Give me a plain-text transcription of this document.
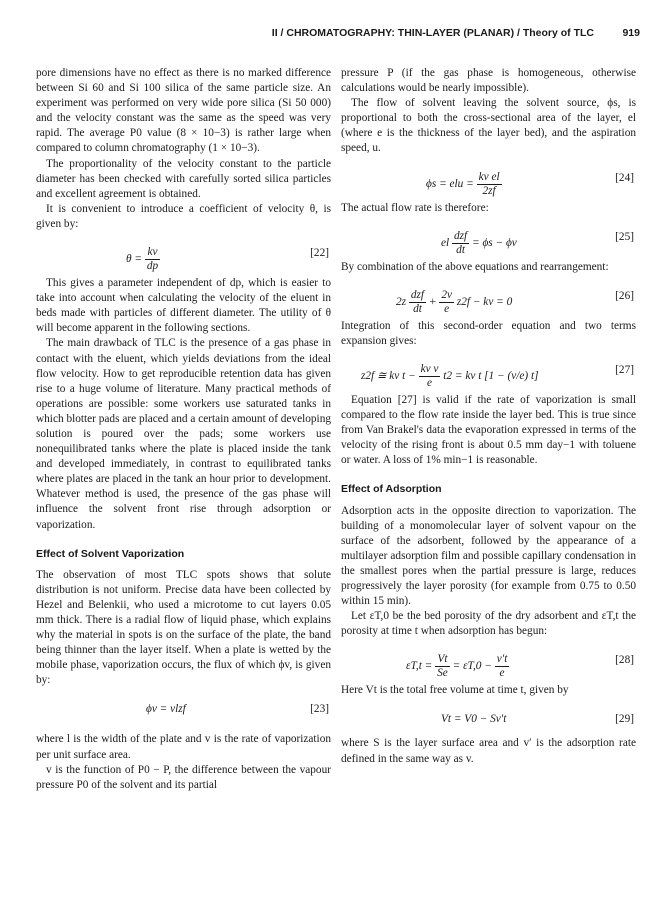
II / CHROMATOGRAPHY: THIN-LAYER (PLANAR) / Theory of TLC	919

pore dimensions have no effect as there is no marked difference between Si 60 and Si 100 silica of the same particle size. An experiment was performed on very wide pore silica (Si 50 000) and the velocity constant was the same as the speed was very rapid. The average P0 value (8 × 10−3) is rather large when compared to column chromatography (1 × 10−3).

The proportionality of the velocity constant to the particle diameter has been checked with carefully sorted silica particles and excellent agreement is obtained.

It is convenient to introduce a coefficient of velocity θ, is given by:

$\theta = \frac{kv}{dp}$	[22]

This gives a parameter independent of dp, which is easier to take into account when calculating the velocity of the eluent in beds made with particles of different diameter. The utility of θ will become apparent in the following sections.

The main drawback of TLC is the presence of a gas phase in contact with the eluent, which yields deviations from the ideal flow velocity. How to get reproducible retention data has given rise to a huge volume of literature. Many practical methods of operations are possible: some workers use saturated tanks in which blotter pads are placed and a certain amount of developing solution is poured over the pads; some workers use nonequilibrated tanks where the plate is placed inside the tank and developed immediately, in contrast to equilibrated tanks where plates are placed in the tank an hour prior to development. Whatever method is used, the presence of the gas phase will influence the solvent front rise through adsorption or vaporization.

Effect of Solvent Vaporization

The observation of most TLC spots shows that solute distribution is not uniform. Precise data have been collected by Hezel and Belenkii, who used a microtome to cut layers 0.05 mm thick. There is a radial flow of liquid phase, which explains why the material in spots is on the surface of the plate, the band being thinner than the layer itself. When a plate is wetted by the mobile phase, vaporization occurs, the flux of which ϕv, is given by:

ϕv = vlzf	[23]

where l is the width of the plate and v is the rate of vaporization per unit surface area.

v is the function of P0 − P, the difference between the vapour pressure P0 of the solvent and its partial

pressure P (if the gas phase is homogeneous, otherwise calculations would be nearly impossible).

The flow of solvent leaving the solvent source, ϕs, is proportional to both the cross-sectional area of the layer, el (where e is the thickness of the layer bed), and the aspiration speed, u.

ϕs = elu = $\frac{\text{kv el}}{2zf}$	[24]

The actual flow rate is therefore:

el $\frac{\text{dzf}}{dt} = \phi s - \phi v$
[25]

By combination of the above equations and rearrangement:

$2z \frac{\text{dzf}}{dt} + \frac{2v}{e} z2f$ − kv = 0
[26]

Integration of this second-order equation and two terms expansion gives:

z2f ≅ kv $t - \frac{\text{kv v}}{e} t2$ = kv t [1 − (v/e) t]
[27]

Equation [27] is valid if the rate of vaporization is small compared to the flow rate inside the layer bed. This is true since from Van Brakel's data the evaporation expressed in terms of the velocity of the rising front is about 0.5 mm day−1 with toluene or water. A loss of 1% min−1 is reasonable.

Effect of Adsorption

Adsorption acts in the opposite direction to vaporization. The building of a monomolecular layer of solvent vapour on the surface of the adsorbent, followed by the appearance of a multilayer adsorption film and possible capillary condensation in the smallest pores when the partial pressure is large, reduces progressively the layer porosity (for example from 0.75 to 0.50 within 15 min).

Let εT,0 be the bed porosity of the dry adsorbent and εT,t the porosity at time t when adsorption has begun:

$\varepsilon T,t = \frac{Vt}{Se} = \varepsilon T,0 - \frac{v't}{e}$	[28]

Here Vt is the total free volume at time t, given by

Vt = V0 − Sv′t	[29]

where S is the layer surface area and v′ is the adsorption rate defined in the same way as v.
